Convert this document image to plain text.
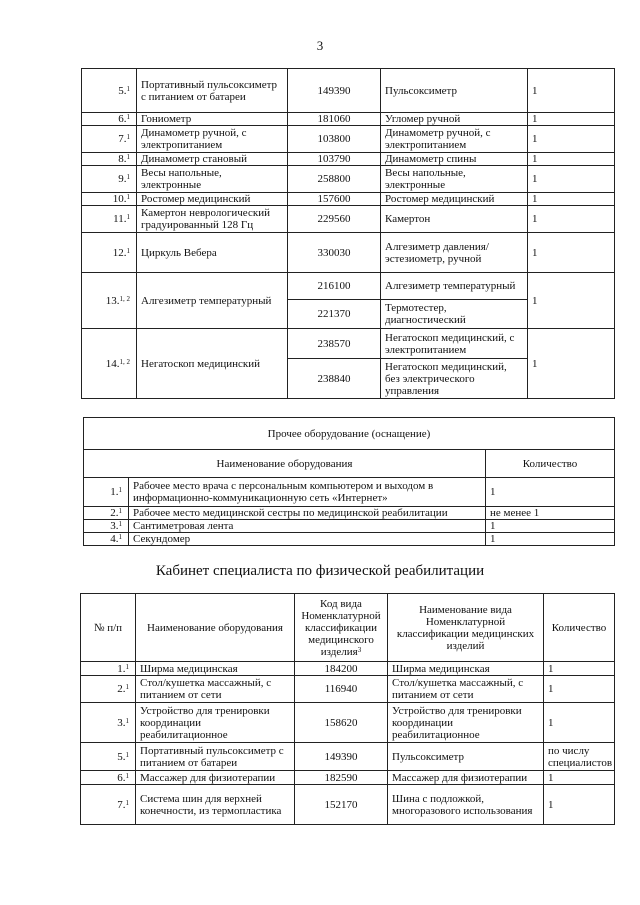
3
5.$^1$	Портативный пульсоксиметр с питанием от батареи	149390	Пульсоксиметр	1
6.$^1$	Гониометр	181060	Угломер ручной	1
7.$^1$	Динамометр ручной, с электропитанием	103800	Динамометр ручной, с электропитанием	1
8.$^1$	Динамометр становый	103790	Динамометр спины	1
9.$^1$	Весы напольные, электронные	258800	Весы напольные, электронные	1
10.$^1$	Ростомер медицинский	157600	Ростомер медицинский	1
11.$^1$	Камертон неврологический градуированный 128 Гц	229560	Камертон	1
12.$^1$	Циркуль Вебера	330030	Алгезиметр давления/эстезиометр, ручной	1
13.$^{1, 2}$	Алгезиметр температурный	216100	Алгезиметр температурный	1
		221370	Термотестер, диагностический	
14.$^{1, 2}$	Негатоскоп медицинский	238570	Негатоскоп медицинский, с электропитанием	1
		238840	Негатоскоп медицинский, без электрического управления	
Прочее оборудование (оснащение)		
Наименование оборудования		Количество
1.$^1$	Рабочее место врача с персональным компьютером и выходом в информационно-коммуникационную сеть «Интернет»	1
2.$^1$	Рабочее место медицинской сестры по медицинской реабилитации	не менее 1
3.$^1$	Сантиметровая лента	1
4.$^1$	Секундомер	1
Кабинет специалиста по физической реабилитации
№ п/п	Наименование оборудования	Код вида Номенклатурной классификации медицинского изделия$^3$	Наименование вида Номенклатурной классификации медицинских изделий	Количество
1.$^1$	Ширма медицинская	184200	Ширма медицинская	1
2.$^1$	Стол/кушетка массажный, с питанием от сети	116940	Стол/кушетка массажный, с питанием от сети	1
3.$^1$	Устройство для тренировки координации реабилитационное	158620	Устройство для тренировки координации реабилитационное	1
5.$^1$	Портативный пульсоксиметр с питанием от батареи	149390	Пульсоксиметр	по числу специалистов
6.$^1$	Массажер для физиотерапии	182590	Массажер для физиотерапии	1
7.$^1$	Система шин для верхней конечности, из термопластика	152170	Шина с подложкой, многоразового использования	1
